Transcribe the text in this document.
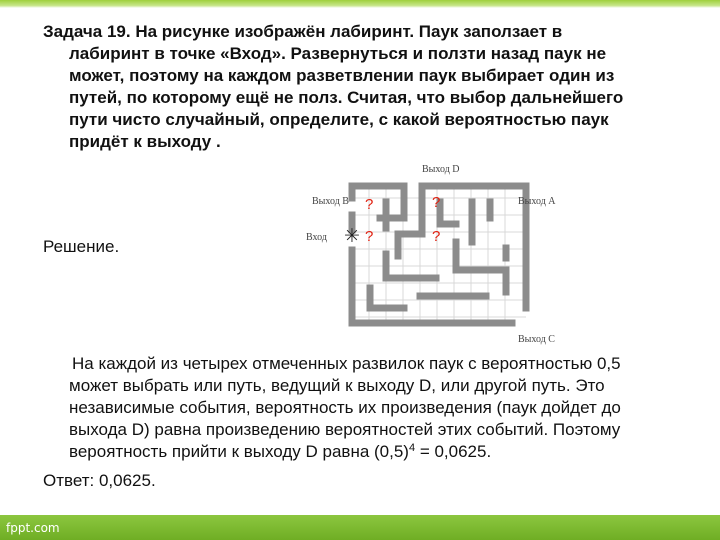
Задача 19. На рисунке изображён лабиринт. Паук заползает в
лабиринт в точке «Вход». Развернуться и ползти назад паук не
может, поэтому на каждом разветвлении паук выбирает один из
путей, по которому ещё не полз. Считая, что выбор дальнейшего
пути чисто случайный, определите, с какой вероятностью паук
придёт к выходу .
Выход D
Выход B	Выход A
Вход
Выход C
?	?
?	?
✳
Решение.
На каждой из четырех отмеченных развилок паук с вероятностью 0,5
может выбрать или путь, ведущий к выходу D, или другой путь. Это
независимые события, вероятность их произведения (паук дойдет до
выхода D) равна произведению вероятностей этих событий. Поэтому
вероятность прийти к выходу D равна $(0,5)^4 = 0,0625$.
Ответ: 0,0625.
fppt.com
